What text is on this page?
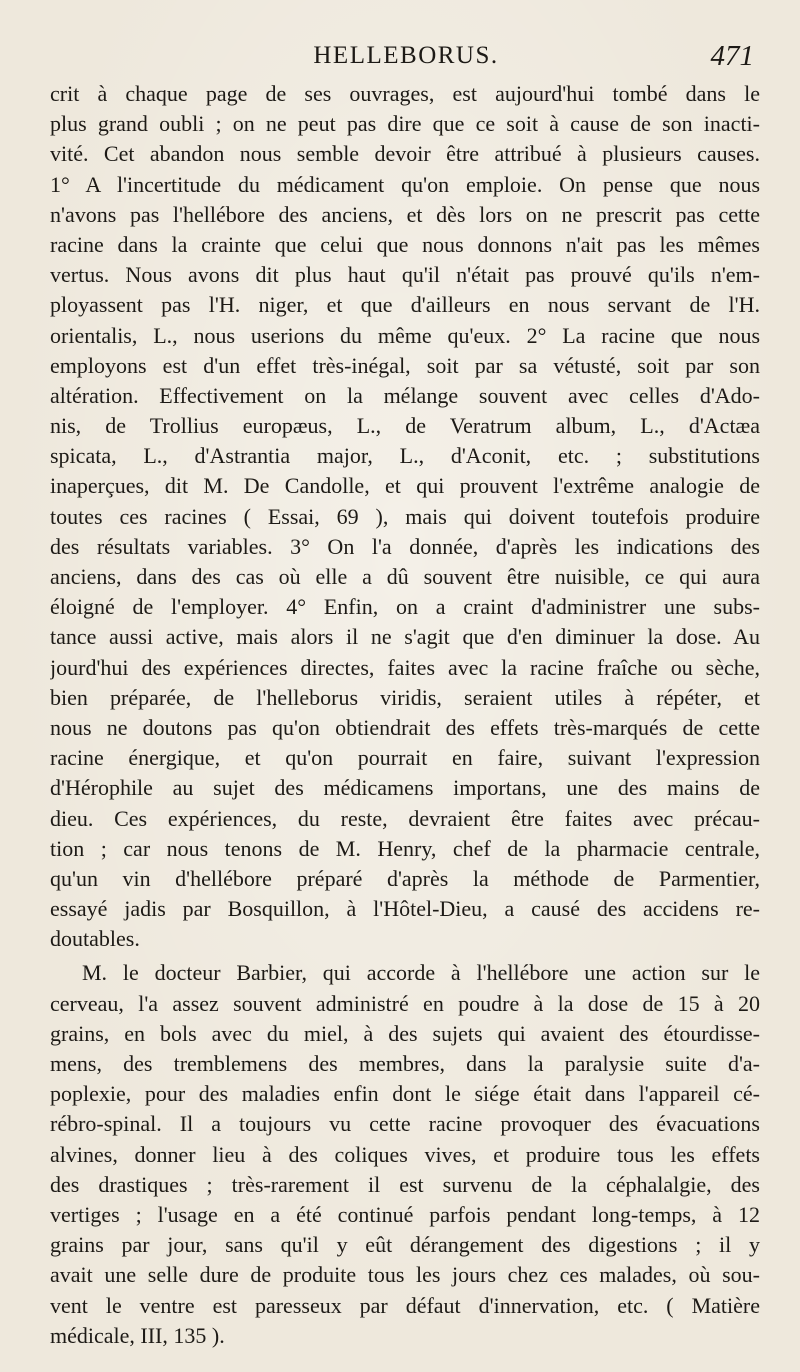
HELLEBORUS.	471
crit à chaque page de ses ouvrages, est aujourd'hui tombé dans le
plus grand oubli ; on ne peut pas dire que ce soit à cause de son inacti-
vité. Cet abandon nous semble devoir être attribué à plusieurs causes.
1° A l'incertitude du médicament qu'on emploie. On pense que nous
n'avons pas l'hellébore des anciens, et dès lors on ne prescrit pas cette
racine dans la crainte que celui que nous donnons n'ait pas les mêmes
vertus. Nous avons dit plus haut qu'il n'était pas prouvé qu'ils n'em-
ployassent pas l'H. niger, et que d'ailleurs en nous servant de l'H.
orientalis, L., nous userions du même qu'eux. 2° La racine que nous
employons est d'un effet très-inégal, soit par sa vétusté, soit par son
altération. Effectivement on la mélange souvent avec celles d'Ado-
nis, de Trollius europæus, L., de Veratrum album, L., d'Actæa
spicata, L., d'Astrantia major, L., d'Aconit, etc. ; substitutions
inaperçues, dit M. De Candolle, et qui prouvent l'extrême analogie de
toutes ces racines ( Essai, 69 ), mais qui doivent toutefois produire
des résultats variables. 3° On l'a donnée, d'après les indications des
anciens, dans des cas où elle a dû souvent être nuisible, ce qui aura
éloigné de l'employer. 4° Enfin, on a craint d'administrer une subs-
tance aussi active, mais alors il ne s'agit que d'en diminuer la dose. Au
jourd'hui des expériences directes, faites avec la racine fraîche ou sèche,
bien préparée, de l'helleborus viridis, seraient utiles à répéter, et
nous ne doutons pas qu'on obtiendrait des effets très-marqués de cette
racine énergique, et qu'on pourrait en faire, suivant l'expression
d'Hérophile au sujet des médicamens importans, une des mains de
dieu. Ces expériences, du reste, devraient être faites avec précau-
tion ; car nous tenons de M. Henry, chef de la pharmacie centrale,
qu'un vin d'hellébore préparé d'après la méthode de Parmentier,
essayé jadis par Bosquillon, à l'Hôtel-Dieu, a causé des accidens re-
doutables.
M. le docteur Barbier, qui accorde à l'hellébore une action sur le
cerveau, l'a assez souvent administré en poudre à la dose de 15 à 20
grains, en bols avec du miel, à des sujets qui avaient des étourdisse-
mens, des tremblemens des membres, dans la paralysie suite d'a-
poplexie, pour des maladies enfin dont le siége était dans l'appareil cé-
rébro-spinal. Il a toujours vu cette racine provoquer des évacuations
alvines, donner lieu à des coliques vives, et produire tous les effets
des drastiques ; très-rarement il est survenu de la céphalalgie, des
vertiges ; l'usage en a été continué parfois pendant long-temps, à 12
grains par jour, sans qu'il y eût dérangement des digestions ; il y
avait une selle dure de produite tous les jours chez ces malades, où sou-
vent le ventre est paresseux par défaut d'innervation, etc. ( Matière
médicale, III, 135 ).
